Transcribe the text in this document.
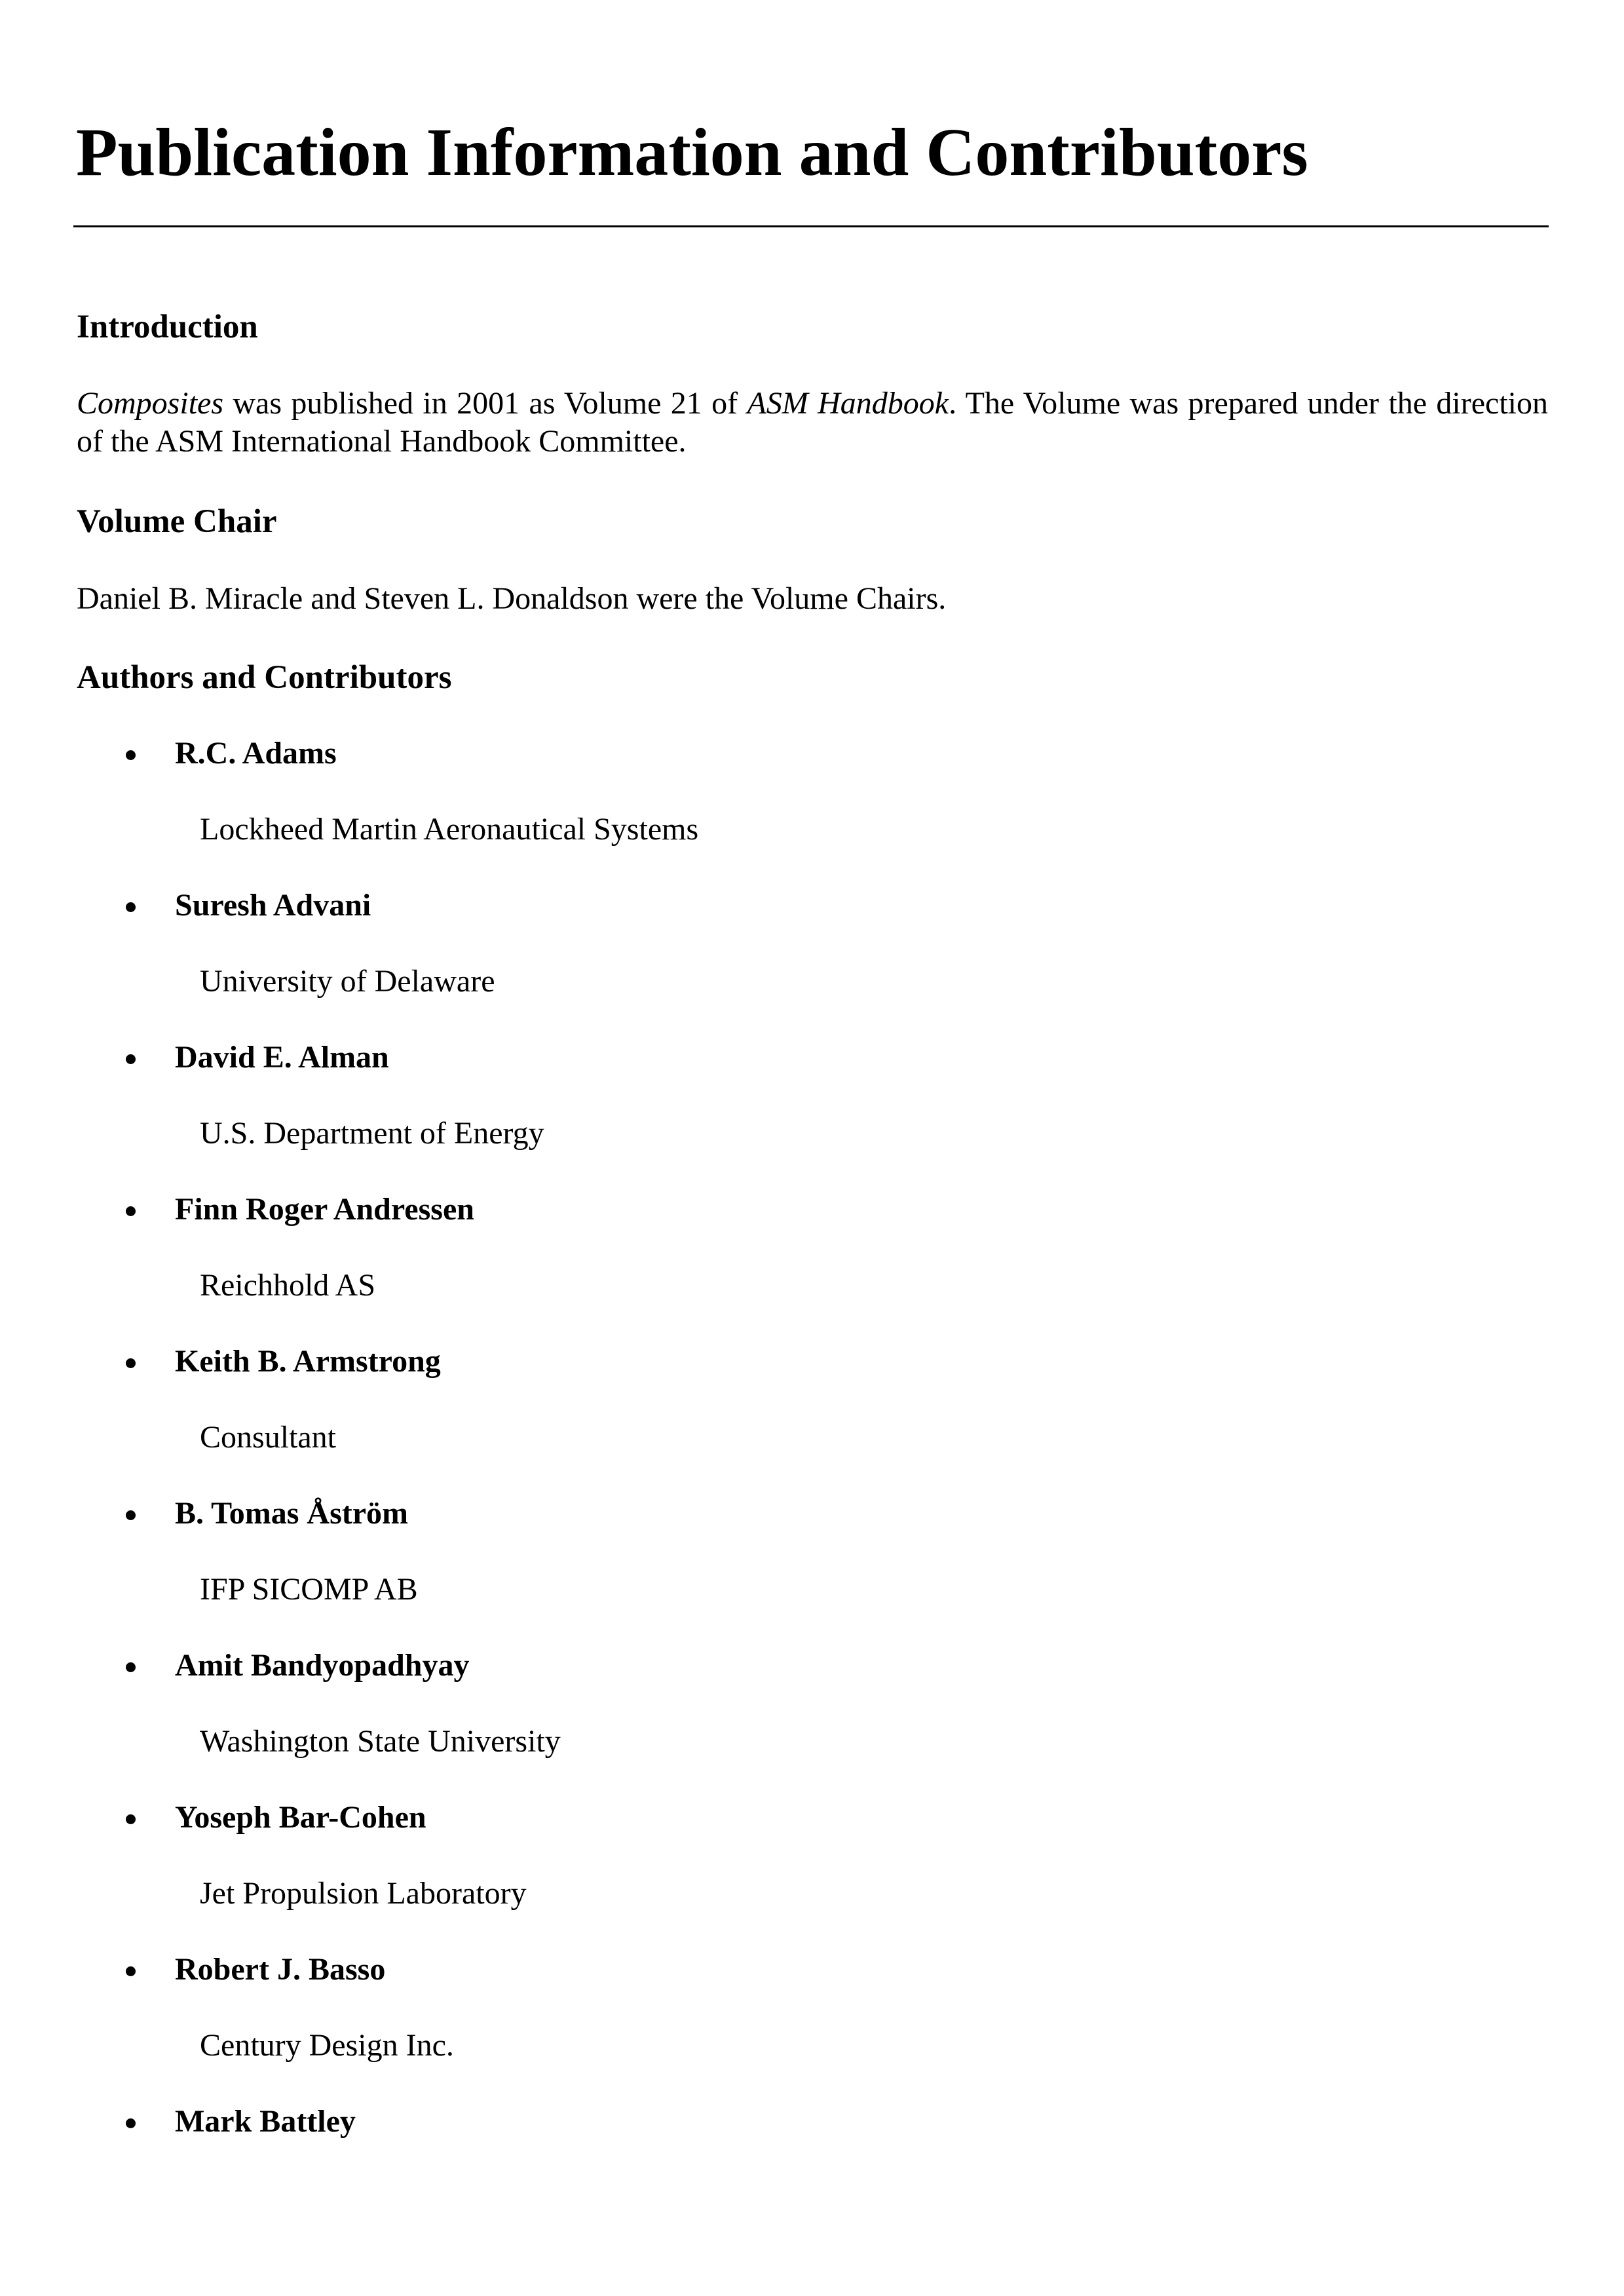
Publication Information and Contributors
Introduction

Composites was published in 2001 as Volume 21 of ASM Handbook. The Volume was prepared under the direction of the ASM International Handbook Committee.

Volume Chair

Daniel B. Miracle and Steven L. Donaldson were the Volume Chairs.

Authors and Contributors
R.C. Adams
Lockheed Martin Aeronautical Systems
Suresh Advani
University of Delaware
David E. Alman
U.S. Department of Energy
Finn Roger Andressen
Reichhold AS
Keith B. Armstrong
Consultant
B. Tomas Åström
IFP SICOMP AB
Amit Bandyopadhyay
Washington State University
Yoseph Bar-Cohen
Jet Propulsion Laboratory
Robert J. Basso
Century Design Inc.
Mark Battley
